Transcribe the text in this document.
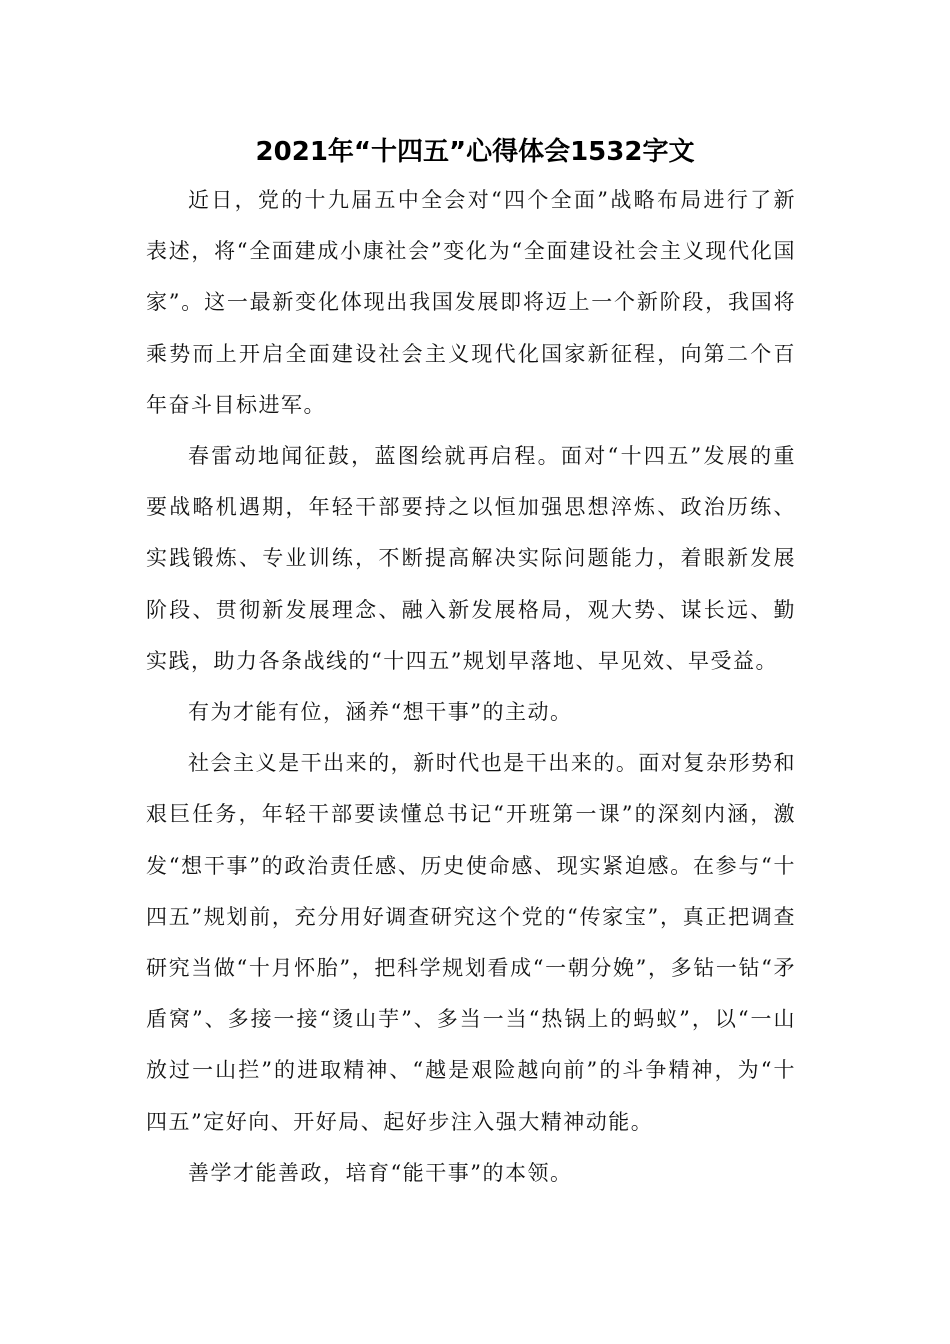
2021年“十四五”心得体会1532字文

近日，党的十九届五中全会对“四个全面”战略布局进行了新表述，将“全面建成小康社会”变化为“全面建设社会主义现代化国家”。这一最新变化体现出我国发展即将迈上一个新阶段，我国将乘势而上开启全面建设社会主义现代化国家新征程，向第二个百年奋斗目标进军。

春雷动地闻征鼓，蓝图绘就再启程。面对“十四五”发展的重要战略机遇期，年轻干部要持之以恒加强思想淬炼、政治历练、实践锻炼、专业训练，不断提高解决实际问题能力，着眼新发展阶段、贯彻新发展理念、融入新发展格局，观大势、谋长远、勤实践，助力各条战线的“十四五”规划早落地、早见效、早受益。

有为才能有位，涵养“想干事”的主动。

社会主义是干出来的，新时代也是干出来的。面对复杂形势和艰巨任务，年轻干部要读懂总书记“开班第一课”的深刻内涵，激发“想干事”的政治责任感、历史使命感、现实紧迫感。在参与“十四五”规划前，充分用好调查研究这个党的“传家宝”，真正把调查研究当做“十月怀胎”，把科学规划看成“一朝分娩”，多钻一钻“矛盾窝”、多接一接“烫山芋”、多当一当“热锅上的蚂蚁”，以“一山放过一山拦”的进取精神、“越是艰险越向前”的斗争精神，为“十四五”定好向、开好局、起好步注入强大精神动能。

善学才能善政，培育“能干事”的本领。
